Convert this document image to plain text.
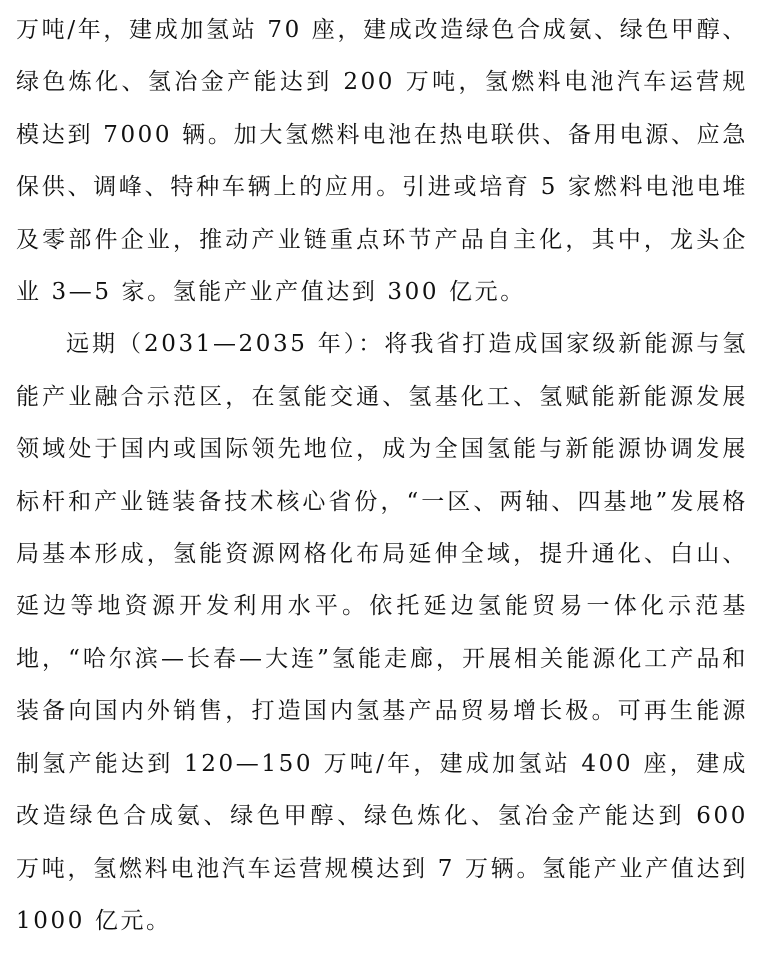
万吨/年，建成加氢站 70 座，建成改造绿色合成氨、绿色甲醇、绿色炼化、氢冶金产能达到 200 万吨，氢燃料电池汽车运营规模达到 7000 辆。加大氢燃料电池在热电联供、备用电源、应急保供、调峰、特种车辆上的应用。引进或培育 5 家燃料电池电堆及零部件企业，推动产业链重点环节产品自主化，其中，龙头企业 3—5 家。氢能产业产值达到 300 亿元。

远期（2031—2035 年）：将我省打造成国家级新能源与氢能产业融合示范区，在氢能交通、氢基化工、氢赋能新能源发展领域处于国内或国际领先地位，成为全国氢能与新能源协调发展标杆和产业链装备技术核心省份，“一区、两轴、四基地”发展格局基本形成，氢能资源网格化布局延伸全域，提升通化、白山、延边等地资源开发利用水平。依托延边氢能贸易一体化示范基地，“哈尔滨—长春—大连”氢能走廊，开展相关能源化工产品和装备向国内外销售，打造国内氢基产品贸易增长极。可再生能源制氢产能达到 120—150 万吨/年，建成加氢站 400 座，建成改造绿色合成氨、绿色甲醇、绿色炼化、氢冶金产能达到 600 万吨，氢燃料电池汽车运营规模达到 7 万辆。氢能产业产值达到 1000 亿元。
